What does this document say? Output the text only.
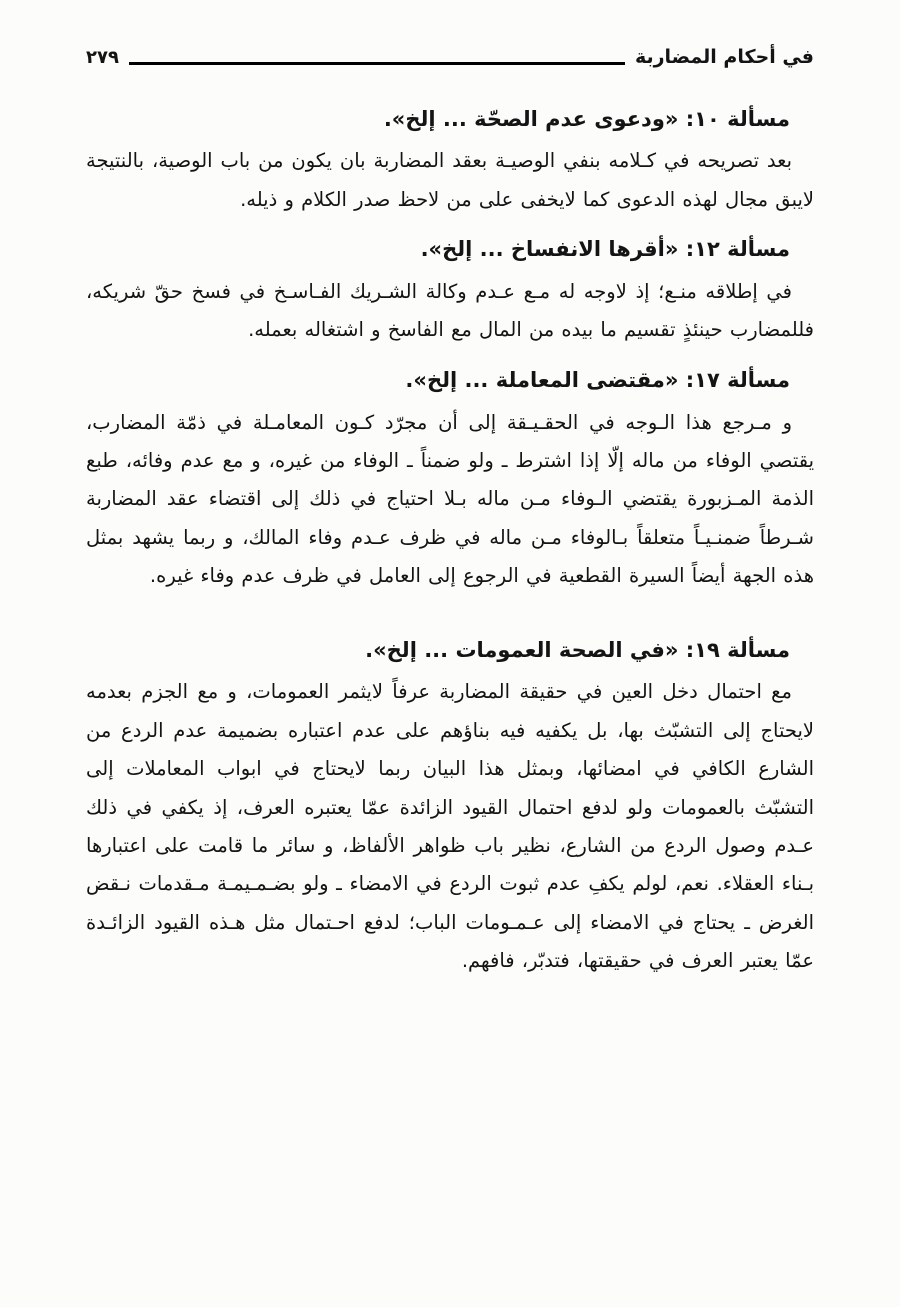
في أحكام المضاربة
٢٧٩
مسألة ١٠: «ودعوى عدم الصحّة ... إلخ».

بعد تصريحه في كـلامه بنفي الوصيـة بعقد المضاربة بان يكون من باب الوصية، بالنتيجة لايبق مجال لهذه الدعوى كما لايخفى على من لاحظ صدر الكلام و ذيله.

مسألة ١٢: «أقرها الانفساخ ... إلخ».

في إطلاقه منـع؛ إذ لاوجه له مـع عـدم وكالة الشـريك الفـاسـخ في فسخ حقّ شريكه، فللمضارب حينئذٍ تقسيم ما بيده من المال مع الفاسخ و اشتغاله بعمله.

مسألة ١٧: «مقتضى المعاملة ... إلخ».

و مـرجع هذا الـوجه في الحقـيـقة إلى أن مجرّد كـون المعامـلة في ذمّة المضارب، يقتصي الوفاء من ماله إلّا إذا اشترط ـ ولو ضمناً ـ الوفاء من غيره، و مع عدم وفائه، طبع الذمة المـزبورة يقتضي الـوفاء مـن ماله بـلا احتياج في ذلك إلى اقتضاء عقد المضاربة شـرطاً ضمنـيـاً متعلقاً بـالوفاء مـن ماله في ظرف عـدم وفاء المالك، و ربما يشهد بمثل هذه الجهة أيضاً السيرة القطعية في الرجوع إلى العامل في ظرف عدم وفاء غيره.

مسألة ١٩: «في الصحة العمومات ... إلخ».

مع احتمال دخل العين في حقيقة المضاربة عرفاً لايثمر العمومات، و مع الجزم بعدمه لايحتاج إلى التشبّث بها، بل يكفيه فيه بناؤهم على عدم اعتباره بضميمة عدم الردع من الشارع الكافي في امضائها، وبمثل هذا البيان ربما لايحتاج في ابواب المعاملات إلى التشبّث بالعمومات ولو لدفع احتمال القيود الزائدة عمّا يعتبره العرف، إذ يكفي في ذلك عـدم وصول الردع من الشارع، نظير باب ظواهر الألفاظ، و سائر ما قامت على اعتبارها بـناء العقلاء. نعم، لولم يكفِ عدم ثبوت الردع في الامضاء ـ ولو بضـمـيمـة مـقدمات نـقض الغرض ـ يحتاج في الامضاء إلى عـمـومات الباب؛ لدفع احـتمال مثل هـذه القيود الزائـدة عمّا يعتبر العرف في حقيقتها، فتدبّر، فافهم.
